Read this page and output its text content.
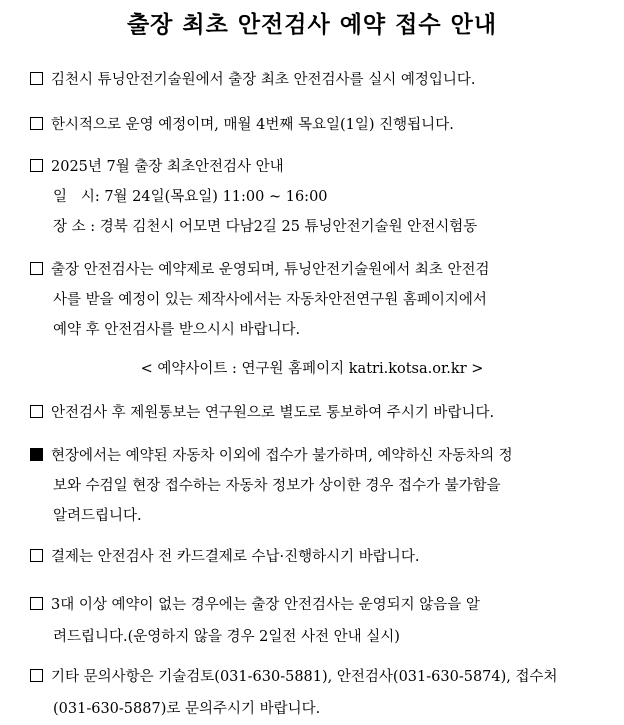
출장 최초 안전검사 예약 접수 안내
김천시 튜닝안전기술원에서 출장 최초 안전검사를 실시 예정입니다.
한시적으로 운영 예정이며, 매월 4번째 목요일(1일) 진행됩니다.
2025년 7월 출장 최초안전검사 안내
일   시: 7월 24일(목요일) 11:00 ~ 16:00
장 소 : 경북 김천시 어모면 다남2길 25 튜닝안전기술원 안전시험동
출장 안전검사는 예약제로 운영되며, 튜닝안전기술원에서 최초 안전검
사를 받을 예정이 있는 제작사에서는 자동차안전연구원 홈페이지에서
예약 후 안전검사를 받으시시 바랍니다.
< 예약사이트 : 연구원 홈페이지 katri.kotsa.or.kr >
안전검사 후 제원통보는 연구원으로 별도로 통보하여 주시기 바랍니다.
현장에서는 예약된 자동차 이외에 접수가 불가하며, 예약하신 자동차의 정
보와 수검일 현장 접수하는 자동차 정보가 상이한 경우 접수가 불가함을
알려드립니다.
결제는 안전검사 전 카드결제로 수납·진행하시기 바랍니다.
3대 이상 예약이 없는 경우에는 출장 안전검사는 운영되지 않음을 알
려드립니다.(운영하지 않을 경우 2일전 사전 안내 실시)
기타 문의사항은 기술검토(031-630-5881), 안전검사(031-630-5874), 접수처
(031-630-5887)로 문의주시기 바랍니다.
